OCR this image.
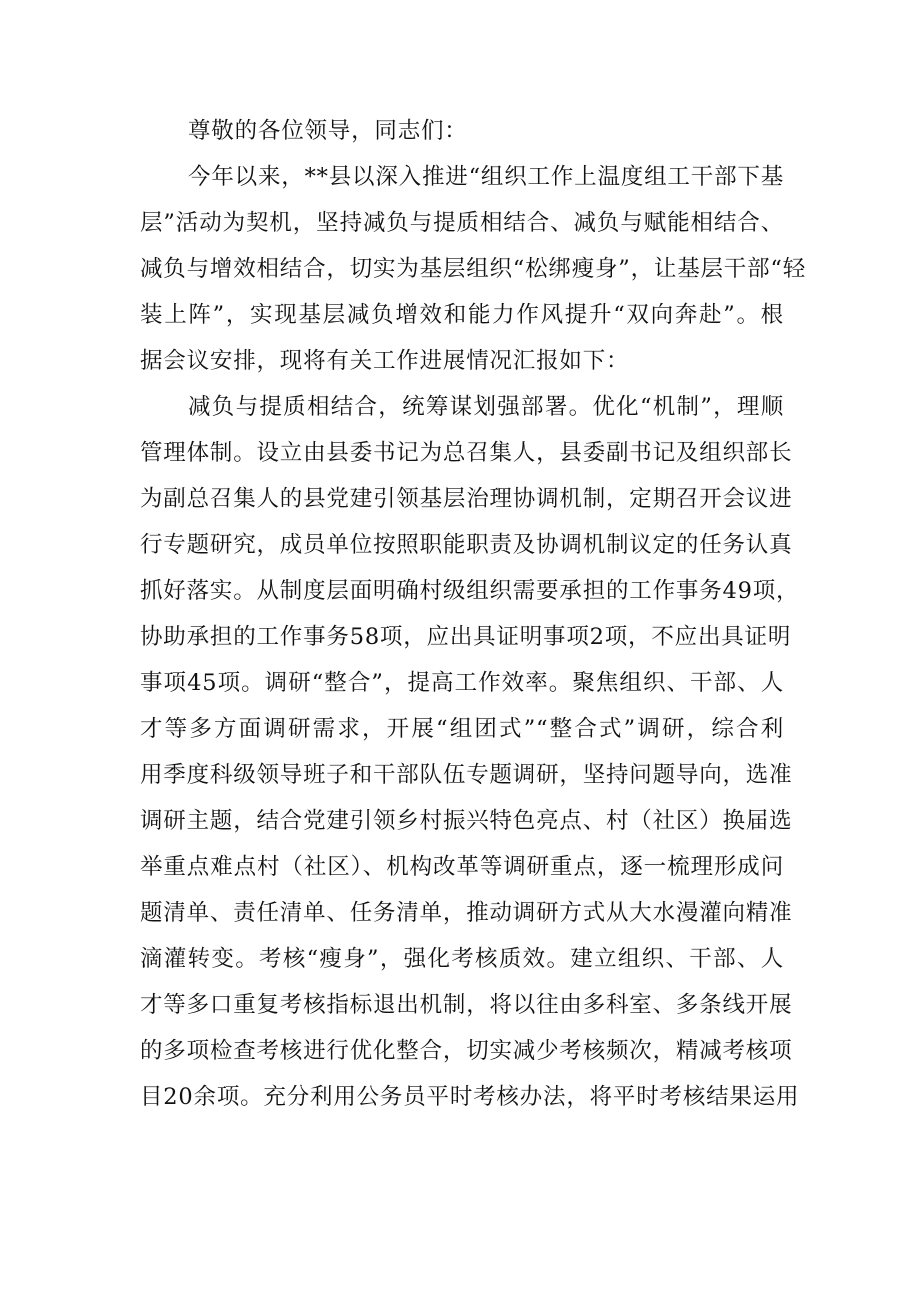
尊敬的各位领导，同志们：

今年以来，**县以深入推进“组织工作上温度组工干部下基
层”活动为契机，坚持减负与提质相结合、减负与赋能相结合、
减负与增效相结合，切实为基层组织“松绑瘦身”，让基层干部“轻
装上阵”，实现基层减负增效和能力作风提升“双向奔赴”。根
据会议安排，现将有关工作进展情况汇报如下：
减负与提质相结合，统筹谋划强部署。优化“机制”，理顺
管理体制。设立由县委书记为总召集人，县委副书记及组织部长
为副总召集人的县党建引领基层治理协调机制，定期召开会议进
行专题研究，成员单位按照职能职责及协调机制议定的任务认真
抓好落实。从制度层面明确村级组织需要承担的工作事务49项，
协助承担的工作事务58项，应出具证明事项2项，不应出具证明
事项45项。调研“整合”，提高工作效率。聚焦组织、干部、人
才等多方面调研需求，开展“组团式”“整合式”调研，综合利
用季度科级领导班子和干部队伍专题调研，坚持问题导向，选准
调研主题，结合党建引领乡村振兴特色亮点、村（社区）换届选
举重点难点村（社区）、机构改革等调研重点，逐一梳理形成问
题清单、责任清单、任务清单，推动调研方式从大水漫灌向精准
滴灌转变。考核“瘦身”，强化考核质效。建立组织、干部、人
才等多口重复考核指标退出机制，将以往由多科室、多条线开展
的多项检查考核进行优化整合，切实减少考核频次，精减考核项
目20余项。充分利用公务员平时考核办法，将平时考核结果运用
